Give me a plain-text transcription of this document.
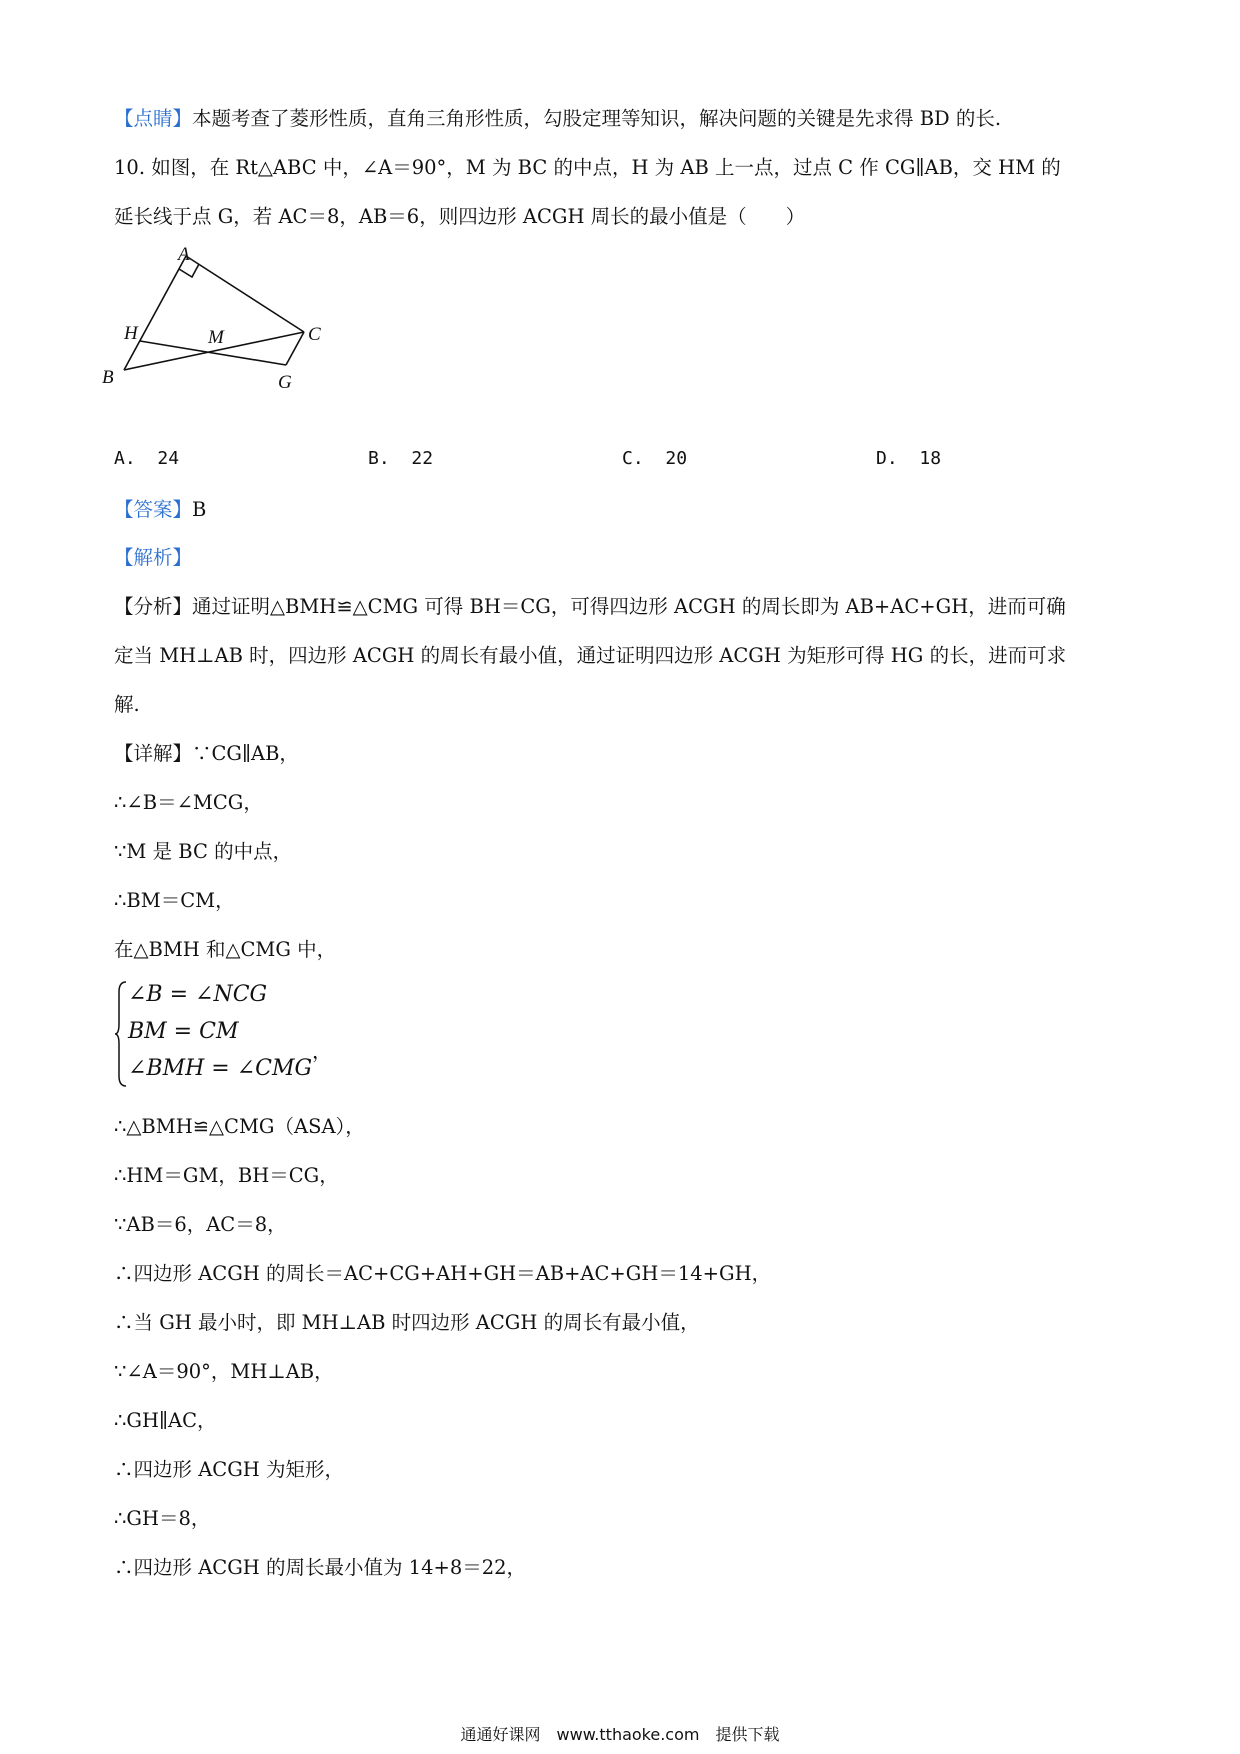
【点睛】本题考查了菱形性质，直角三角形性质，勾股定理等知识，解决问题的关键是先求得 BD 的长.
10. 如图，在 Rt△ABC 中，∠A＝90°，M 为 BC 的中点，H 为 AB 上一点，过点 C 作 CG∥AB，交 HM 的
延长线于点 G，若 AC＝8，AB＝6，则四边形 ACGH 周长的最小值是（　　）
A
B
C
G
H	M
A. 24	B. 22	C. 20	D. 18
【答案】B
【解析】
【分析】通过证明△BMH≌△CMG 可得 BH＝CG，可得四边形 ACGH 的周长即为 AB+AC+GH，进而可确
定当 MH⊥AB 时，四边形 ACGH 的周长有最小值，通过证明四边形 ACGH 为矩形可得 HG 的长，进而可求
解.
【详解】∵CG∥AB，
∴∠B＝∠MCG，
∵M 是 BC 的中点，
∴BM＝CM，
在△BMH 和△CMG 中，
∠B = ∠NCG
BM = CM
∠BMH = ∠CMG
，
∴△BMH≌△CMG（ASA），
∴HM＝GM，BH＝CG，
∵AB＝6，AC＝8，
∴四边形 ACGH 的周长＝AC+CG+AH+GH＝AB+AC+GH＝14+GH，
∴当 GH 最小时，即 MH⊥AB 时四边形 ACGH 的周长有最小值，
∵∠A＝90°，MH⊥AB，
∴GH∥AC，
∴四边形 ACGH 为矩形，
∴GH＝8，
∴四边形 ACGH 的周长最小值为 14+8＝22，
通通好课网　www.tthaoke.com　提供下载
